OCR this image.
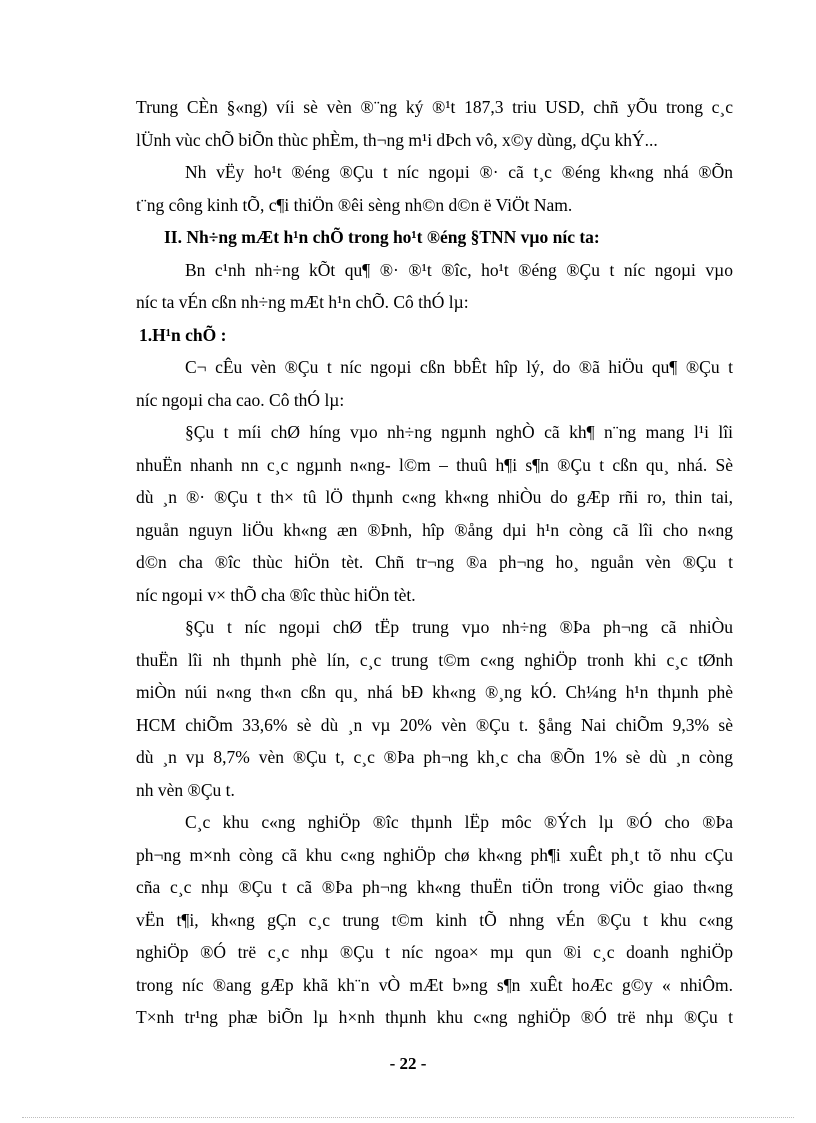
Trung CÈn §«ng) víi sè vèn ®¨ng ký ®¹t 187,3 triu USD, chñ yÕu trong c¸c
lÜnh vùc chÕ biÕn thùc phÈm, th¬ng m¹i dÞch vô, x©y dùng, dÇu khÝ...
Nh vËy ho¹t ®éng ®Çu t níc ngoµi ®· cã t¸c ®éng kh«ng nhá ®Õn
t¨ng công kinh tÕ, c¶i thiÖn ®êi sèng nh©n d©n ë ViÖt Nam.
II. Nh÷ng mÆt h¹n chÕ trong ho¹t ®éng §TNN vµo níc ta:
Bn c¹nh nh÷ng kÕt qu¶ ®· ®¹t ®îc, ho¹t ®éng ®Çu t níc ngoµi vµo
níc ta vÉn cßn nh÷ng mÆt h¹n chÕ. Cô thÓ lµ:
1.H¹n chÕ :
C¬ cÊu vèn ®Çu t níc ngoµi cßn bbÊt hîp lý, do ®ã hiÖu qu¶ ®Çu t
níc ngoµi cha cao. Cô thÓ lµ:
§Çu t míi chØ híng vµo nh÷ng ngµnh nghÒ cã kh¶ n¨ng mang l¹i lîi
nhuËn nhanh nn c¸c ngµnh n«ng- l©m – thuû h¶i s¶n ®Çu t cßn qu¸ nhá. Sè
dù ¸n ®· ®Çu t th× tû lÖ thµnh c«ng kh«ng nhiÒu do gÆp rñi ro, thin tai,
nguån nguyn liÖu kh«ng æn ®Þnh, hîp ®ång dµi h¹n còng cã lîi cho n«ng
d©n cha ®îc thùc hiÖn tèt. Chñ tr¬ng ®a ph¬ng ho¸ nguån vèn ®Çu t
níc ngoµi v× thÕ cha ®îc thùc hiÖn tèt.
§Çu t níc ngoµi chØ tËp trung vµo nh÷ng ®Þa ph¬ng cã nhiÒu
thuËn lîi nh thµnh phè lín, c¸c trung t©m c«ng nghiÖp tronh khi c¸c tØnh
miÒn núi n«ng th«n cßn qu¸ nhá bÐ kh«ng ®¸ng kÓ. Ch¼ng h¹n thµnh phè
HCM chiÕm 33,6% sè dù ¸n vµ 20% vèn ®Çu t. §ång Nai chiÕm 9,3% sè
dù ¸n vµ 8,7% vèn ®Çu t, c¸c ®Þa ph¬ng kh¸c cha ®Õn 1% sè dù ¸n còng
nh vèn ®Çu t.
C¸c khu c«ng nghiÖp ®îc thµnh lËp môc ®Ých lµ ®Ó cho ®Þa
ph¬ng m×nh còng cã khu c«ng nghiÖp chø kh«ng ph¶i xuÊt ph¸t tõ nhu cÇu
cña c¸c nhµ ®Çu t cã ®Þa ph¬ng kh«ng thuËn tiÖn trong viÖc giao th«ng
vËn t¶i, kh«ng gÇn c¸c trung t©m kinh tÕ nhng vÉn ®Çu t khu c«ng
nghiÖp ®Ó trë c¸c nhµ ®Çu t níc ngoa× mµ qun ®i c¸c doanh nghiÖp
trong níc ®ang gÆp khã kh¨n vÒ mÆt b»ng s¶n xuÊt hoÆc g©y « nhiÔm.
T×nh tr¹ng phæ biÕn lµ h×nh thµnh khu c«ng nghiÖp ®Ó trë nhµ ®Çu t
- 22 -
